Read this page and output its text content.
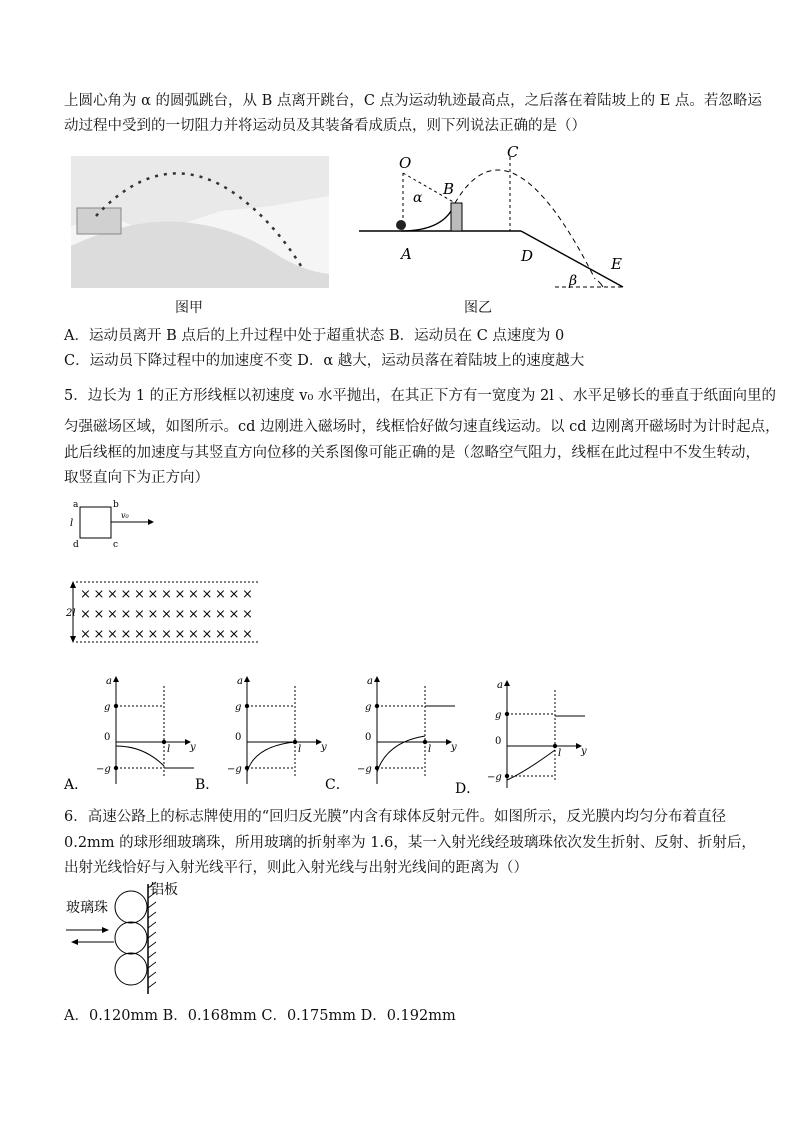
上圆心角为 α 的圆弧跳台，从 B 点离开跳台，C 点为运动轨迹最高点，之后落在着陆坡上的 E 点。若忽略运
动过程中受到的一切阻力并将运动员及其装备看成质点，则下列说法正确的是（）
图甲
O
α B
C
A	D	E
β
图乙
A．运动员离开 B 点后的上升过程中处于超重状态 B．运动员在 C 点速度为 0
C．运动员下降过程中的加速度不变 D．α 越大，运动员落在着陆坡上的速度越大
5．边长为 1 的正方形线框以初速度 v₀ 水平抛出，在其正下方有一宽度为 2l 、水平足够长的垂直于纸面向里的
匀强磁场区域，如图所示。cd 边刚进入磁场时，线框恰好做匀速直线运动。以 cd 边刚离开磁场时为计时起点，
此后线框的加速度与其竖直方向位移的关系图像可能正确的是（忽略空气阻力，线框在此过程中不发生转动，
取竖直向下为正方向）
a	b
c
d
l
v₀
2l
× × × × × × × × × × × × ×
× × × × × × × × × × × × ×
× × × × × × × × × × × × ×
a
g
0
−g
l y
A．
a
g
0
−g
l y
B．
a
g
0
−g
l y
C．
a
g
0
−g
l y
D．
6．高速公路上的标志牌使用的“回归反光膜”内含有球体反射元件。如图所示，反光膜内均匀分布着直径
0.2mm 的球形细玻璃珠，所用玻璃的折射率为 1.6，某一入射光线经玻璃珠依次发生折射、反射、折射后，
出射光线恰好与入射光线平行，则此入射光线与出射光线间的距离为（）
玻璃珠
铝板
A．0.120mm B．0.168mm C．0.175mm D．0.192mm
